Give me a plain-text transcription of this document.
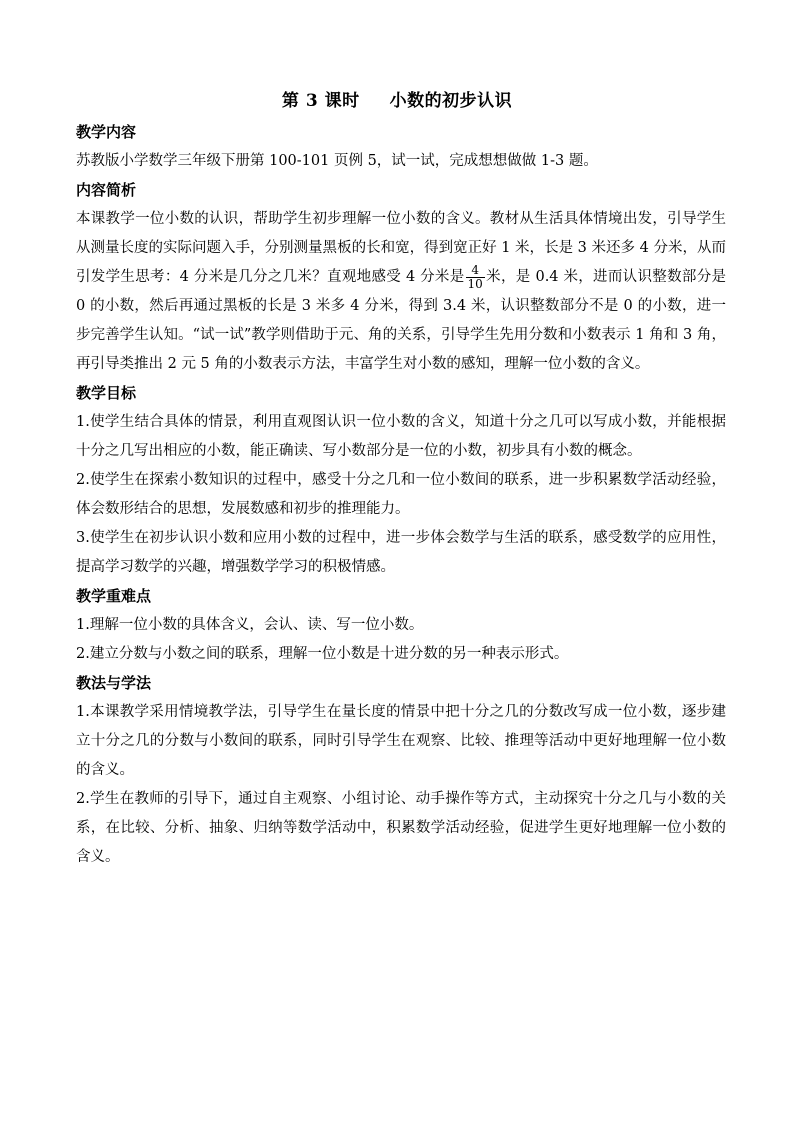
第 3 课时 小数的初步认识

教学内容

苏教版小学数学三年级下册第 100-101 页例 5，试一试，完成想想做做 1-3 题。

内容简析

本课教学一位小数的认识，帮助学生初步理解一位小数的含义。教材从生活具体情境出发，引导学生从测量长度的实际问题入手，分别测量黑板的长和宽，得到宽正好 1 米，长是 3 米还多 4 分米，从而引发学生思考：4 分米是几分之几米？直观地感受 4 分米是 $\frac{4}{10}$ 米，是 0.4 米，进而认识整数部分是 0 的小数，然后再通过黑板的长是 3 米多 4 分米，得到 3.4 米，认识整数部分不是 0 的小数，进一步完善学生认知。“试一试”教学则借助于元、角的关系，引导学生先用分数和小数表示 1 角和 3 角，再引导类推出 2 元 5 角的小数表示方法，丰富学生对小数的感知，理解一位小数的含义。

教学目标

1.使学生结合具体的情景，利用直观图认识一位小数的含义，知道十分之几可以写成小数，并能根据十分之几写出相应的小数，能正确读、写小数部分是一位的小数，初步具有小数的概念。

2.使学生在探索小数知识的过程中，感受十分之几和一位小数间的联系，进一步积累数学活动经验，体会数形结合的思想，发展数感和初步的推理能力。

3.使学生在初步认识小数和应用小数的过程中，进一步体会数学与生活的联系，感受数学的应用性，提高学习数学的兴趣，增强数学学习的积极情感。

教学重难点

1.理解一位小数的具体含义，会认、读、写一位小数。

2.建立分数与小数之间的联系，理解一位小数是十进分数的另一种表示形式。

教法与学法

1.本课教学采用情境教学法，引导学生在量长度的情景中把十分之几的分数改写成一位小数，逐步建立十分之几的分数与小数间的联系，同时引导学生在观察、比较、推理等活动中更好地理解一位小数的含义。

2.学生在教师的引导下，通过自主观察、小组讨论、动手操作等方式，主动探究十分之几与小数的关系，在比较、分析、抽象、归纳等数学活动中，积累数学活动经验，促进学生更好地理解一位小数的含义。
